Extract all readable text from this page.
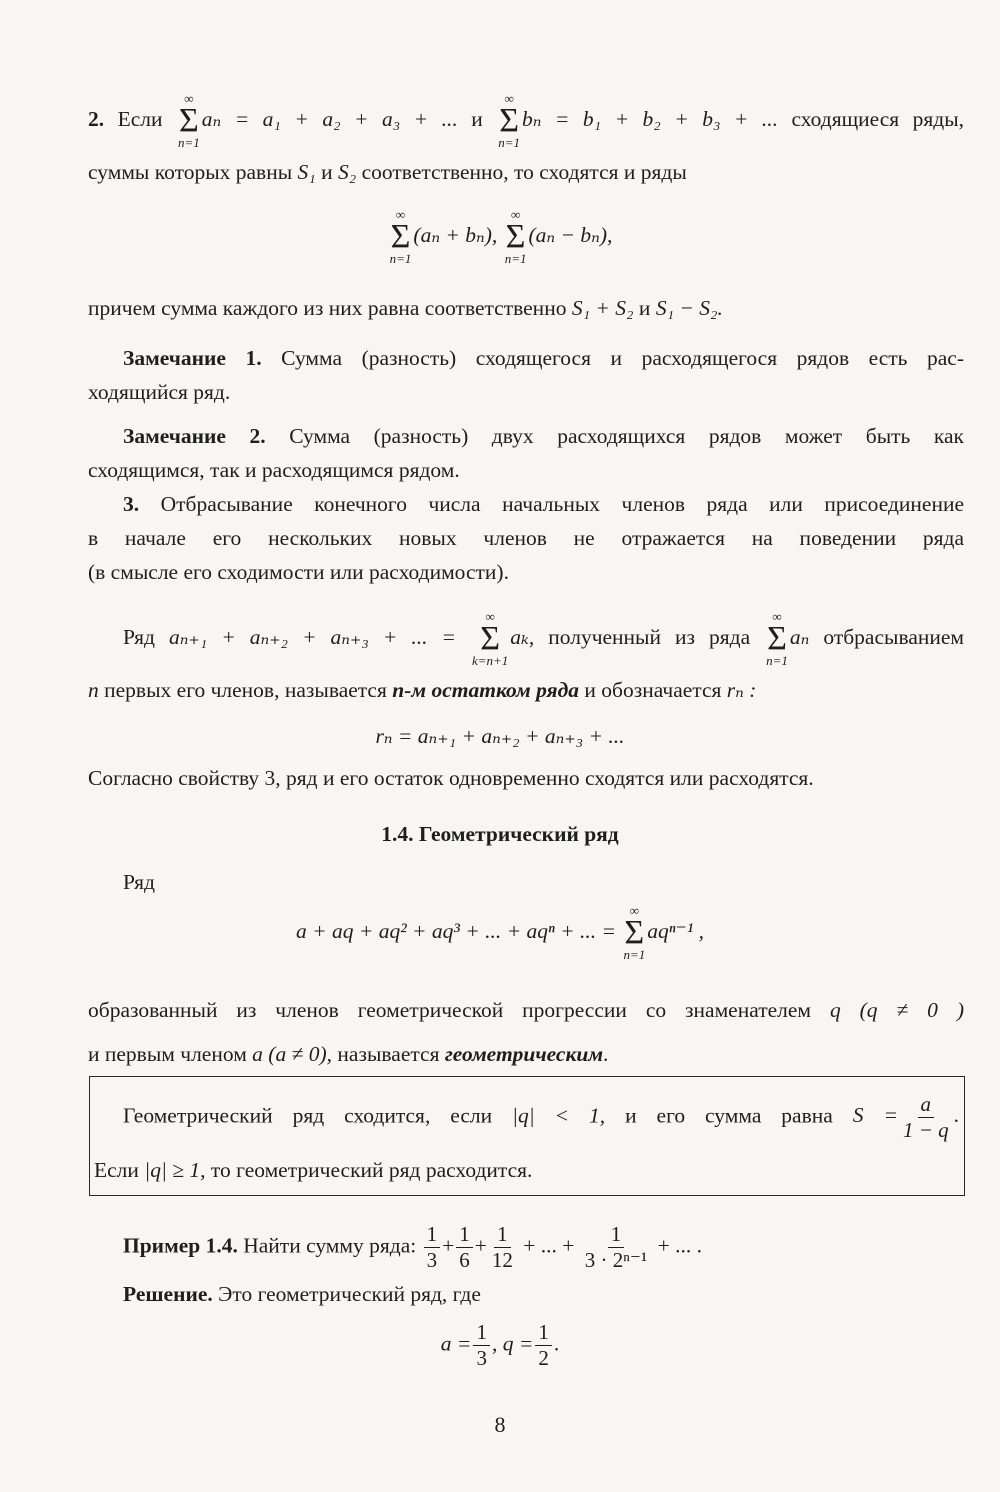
2. Если
∞
Σ
n=1
aₙ = a₁ + a₂ + a₃ + ... и
∞
Σ
n=1
bₙ = b₁ + b₂ + b₃ + ... сходящиеся ряды,
суммы которых равны S₁ и S₂ соответственно, то сходятся и ряды
∞
Σ
n=1
(aₙ + bₙ),
∞
Σ
n=1
(aₙ − bₙ),
причем сумма каждого из них равна соответственно S₁ + S₂ и S₁ − S₂.
Замечание 1. Сумма (разность) сходящегося и расходящегося рядов есть рас-
ходящийся ряд.
Замечание 2. Сумма (разность) двух расходящихся рядов может быть как
сходящимся, так и расходящимся рядом.
3. Отбрасывание конечного числа начальных членов ряда или присоединение
в начале его нескольких новых членов не отражается на поведении ряда
(в смысле его сходимости или расходимости).
Ряд aₙ₊₁ + aₙ₊₂ + aₙ₊₃ + ... =
∞
Σ
k=n+1
aₖ, полученный из ряда
∞
Σ
n=1
aₙ отбрасыванием
n первых его членов, называется n-м остатком ряда и обозначается rₙ :
rₙ = aₙ₊₁ + aₙ₊₂ + aₙ₊₃ + ...
Согласно свойству 3, ряд и его остаток одновременно сходятся или расходятся.
1.4. Геометрический ряд
Ряд
a + aq + aq² + aq³ + ... + aqⁿ + ... =
∞
Σ
n=1
aqⁿ⁻¹ ,
образованный из членов геометрической прогрессии со знаменателем q (q ≠ 0 )
и первым членом a (a ≠ 0), называется геометрическим.
Геометрический ряд сходится, если |q| < 1, и его сумма равна $S = \frac{a}{1 - q}$ .
Если |q| ≥ 1, то геометрический ряд расходится.
Пример 1.4. Найти сумму ряда: $\frac{1}{3} + \frac{1}{6} + \frac{1}{12}$ + ... + $\frac{1}{\text{3 · 2ⁿ⁻¹}}$ + ... .
Решение. Это геометрический ряд, где
$a = \frac{1}{3}$ , $q = \frac{1}{2}$ .
8
